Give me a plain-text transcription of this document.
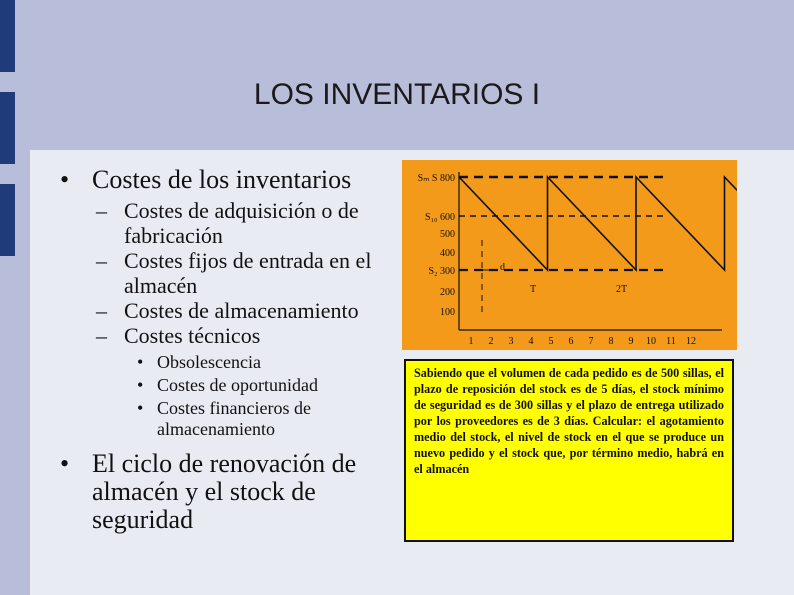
LOS INVENTARIOS I
• Costes de los inventarios
– Costes de adquisición o de fabricación
– Costes fijos de entrada en el almacén
– Costes de almacenamiento
– Costes técnicos
• Obsolescencia
• Costes de oportunidad
• Costes financieros de almacenamiento
• El ciclo de renovación de almacén y el stock de seguridad
100
200
S₂ 300
400
500
S₁₀ 600
Sₘ S 800
1 2 3 4 5 6 7 8 9 10 11 12
d
T	2T

Sabiendo que el volumen de cada pedido es de 500 sillas, el plazo de reposición del stock es de 5 días, el stock mínimo de seguridad es de 300 sillas y el plazo de entrega utilizado por los proveedores es de 3 días. Calcular: el agotamiento medio del stock, el nivel de stock en el que se produce un nuevo pedido y el stock que, por término medio, habrá en el almacén
